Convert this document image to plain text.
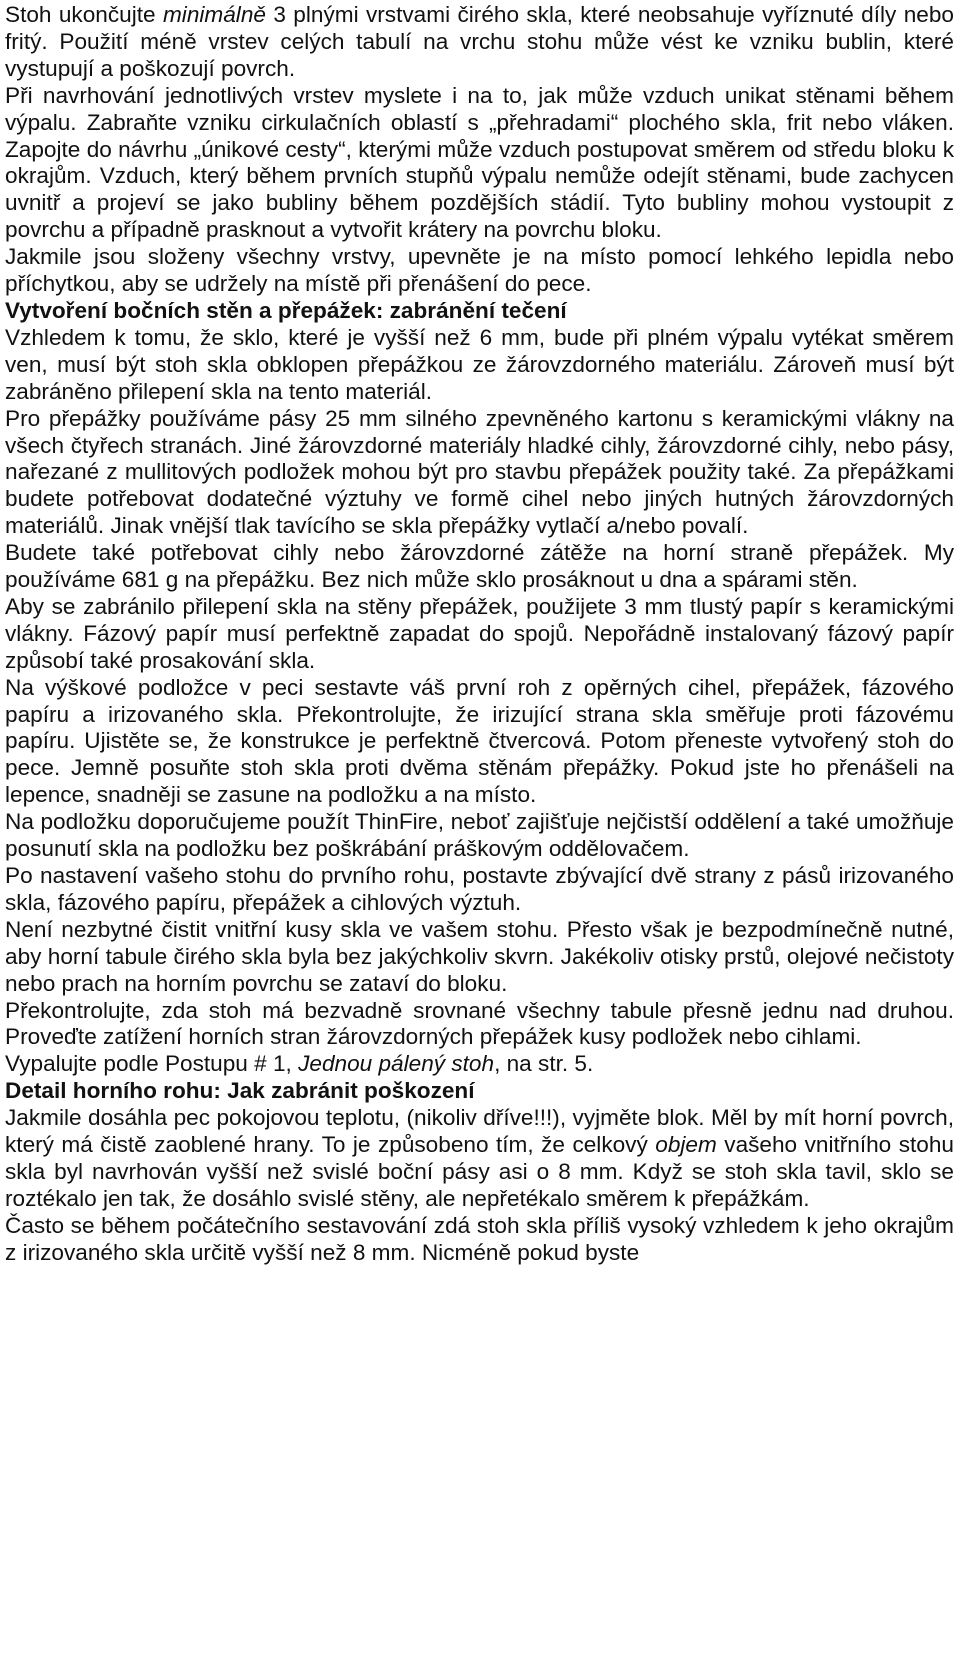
Stoh ukončujte minimálně 3 plnými vrstvami čirého skla, které neobsahuje vyříznuté díly nebo fritý. Použití méně vrstev celých tabulí na vrchu stohu může vést ke vzniku bublin, které vystupují a poškozují povrch.

Při navrhování jednotlivých vrstev myslete i na to, jak může vzduch unikat stěnami během výpalu. Zabraňte vzniku cirkulačních oblastí s „přehradami“ plochého skla, frit nebo vláken. Zapojte do návrhu „únikové cesty“, kterými může vzduch postupovat směrem od středu bloku k okrajům. Vzduch, který během prvních stupňů výpalu nemůže odejít stěnami, bude zachycen uvnitř a projeví se jako bubliny během pozdějších stádií. Tyto bubliny mohou vystoupit z povrchu a případně prasknout a vytvořit krátery na povrchu bloku.

Jakmile jsou složeny všechny vrstvy, upevněte je na místo pomocí lehkého lepidla nebo příchytkou, aby se udržely na místě při přenášení do pece.

Vytvoření bočních stěn a přepážek: zabránění tečení

Vzhledem k tomu, že sklo, které je vyšší než 6 mm, bude při plném výpalu vytékat směrem ven, musí být stoh skla obklopen přepážkou ze žárovzdorného materiálu. Zároveň musí být zabráněno přilepení skla na tento materiál.

Pro přepážky používáme pásy 25 mm silného zpevněného kartonu s keramickými vlákny na všech čtyřech stranách. Jiné žárovzdorné materiály hladké cihly, žárovzdorné cihly, nebo pásy, nařezané z mullitových podložek mohou být pro stavbu přepážek použity také. Za přepážkami budete potřebovat dodatečné výztuhy ve formě cihel nebo jiných hutných žárovzdorných materiálů. Jinak vnější tlak tavícího se skla přepážky vytlačí a/nebo povalí.

Budete také potřebovat cihly nebo žárovzdorné zátěže na horní straně přepážek. My používáme 681 g na přepážku. Bez nich může sklo prosáknout u dna a spárami stěn.

Aby se zabránilo přilepení skla na stěny přepážek, použijete 3 mm tlustý papír s keramickými vlákny. Fázový papír musí perfektně zapadat do spojů. Nepořádně instalovaný fázový papír způsobí také prosakování skla.

Na výškové podložce v peci sestavte váš první roh z opěrných cihel, přepážek, fázového papíru a irizovaného skla. Překontrolujte, že irizující strana skla směřuje proti fázovému papíru. Ujistěte se, že konstrukce je perfektně čtvercová. Potom přeneste vytvořený stoh do pece. Jemně posuňte stoh skla proti dvěma stěnám přepážky. Pokud jste ho přenášeli na lepence, snadněji se zasune na podložku a na místo.

Na podložku doporučujeme použít ThinFire, neboť zajišťuje nejčistší oddělení a také umožňuje posunutí skla na podložku bez poškrábání práškovým oddělovačem.

Po nastavení vašeho stohu do prvního rohu, postavte zbývající dvě strany z pásů irizovaného skla, fázového papíru, přepážek a cihlových výztuh.

Není nezbytné čistit vnitřní kusy skla ve vašem stohu. Přesto však je bezpodmínečně nutné, aby horní tabule čirého skla byla bez jakýchkoliv skvrn. Jakékoliv otisky prstů, olejové nečistoty nebo prach na horním povrchu se zataví do bloku.

Překontrolujte, zda stoh má bezvadně srovnané všechny tabule přesně jednu nad druhou. Proveďte zatížení horních stran žárovzdorných přepážek kusy podložek nebo cihlami.

Vypalujte podle Postupu # 1, Jednou pálený stoh, na str. 5.

Detail horního rohu: Jak zabránit poškození

Jakmile dosáhla pec pokojovou teplotu, (nikoliv dříve!!!), vyjměte blok. Měl by mít horní povrch, který má čistě zaoblené hrany. To je způsobeno tím, že celkový objem vašeho vnitřního stohu skla byl navrhován vyšší než svislé boční pásy asi o 8 mm. Když se stoh skla tavil, sklo se roztékalo jen tak, že dosáhlo svislé stěny, ale nepřetékalo směrem k přepážkám.

Často se během počátečního sestavování zdá stoh skla příliš vysoký vzhledem k jeho okrajům z irizovaného skla určitě vyšší než 8 mm. Nicméně pokud byste
